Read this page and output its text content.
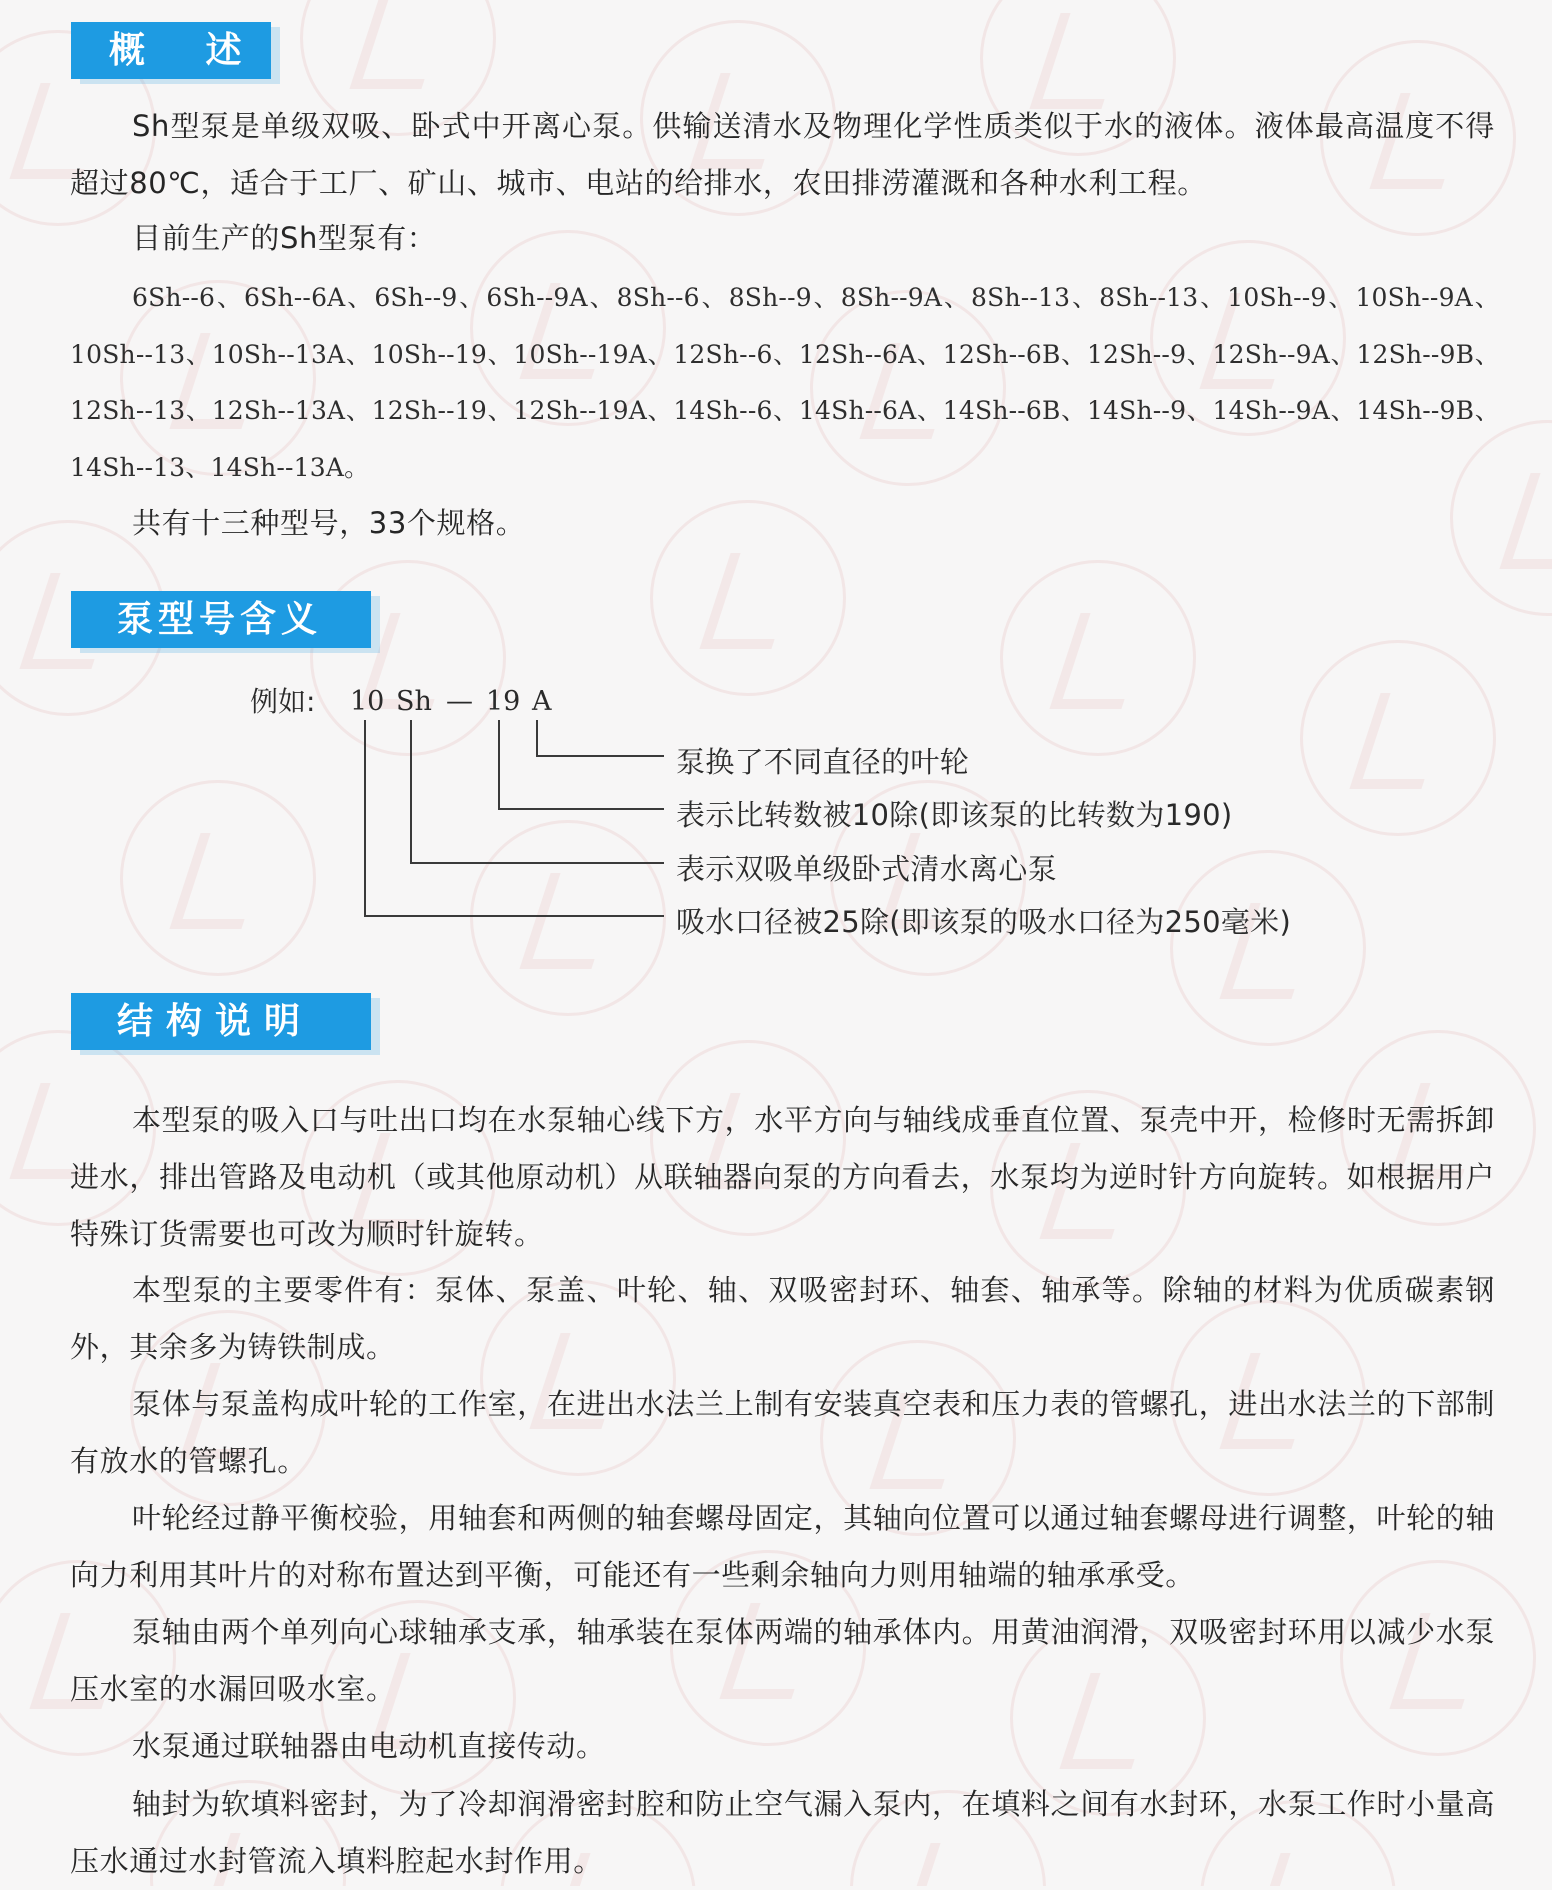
概 述

Sh型泵是单级双吸、卧式中开离心泵。供输送清水及物理化学性质类似于水的液体。液体最高温度不得超过80℃，适合于工厂、矿山、城市、电站的给排水，农田排涝灌溉和各种水利工程。

目前生产的Sh型泵有：

6Sh--6、6Sh--6A、6Sh--9、6Sh--9A、8Sh--6、8Sh--9、8Sh--9A、8Sh--13、8Sh--13、10Sh--9、10Sh--9A、10Sh--13、10Sh--13A、10Sh--19、10Sh--19A、12Sh--6、12Sh--6A、12Sh--6B、12Sh--9、12Sh--9A、12Sh--9B、12Sh--13、12Sh--13A、12Sh--19、12Sh--19A、14Sh--6、14Sh--6A、14Sh--6B、14Sh--9、14Sh--9A、14Sh--9B、14Sh--13、14Sh--13A。

共有十三种型号，33个规格。

泵型号含义
例如: 10 Sh — 19 A
泵换了不同直径的叶轮
表示比转数被10除(即该泵的比转数为190)
表示双吸单级卧式清水离心泵
吸水口径被25除(即该泵的吸水口径为250毫米)
结构说明

本型泵的吸入口与吐出口均在水泵轴心线下方，水平方向与轴线成垂直位置、泵壳中开，检修时无需拆卸进水，排出管路及电动机（或其他原动机）从联轴器向泵的方向看去，水泵均为逆时针方向旋转。如根据用户特殊订货需要也可改为顺时针旋转。

本型泵的主要零件有：泵体、泵盖、叶轮、轴、双吸密封环、轴套、轴承等。除轴的材料为优质碳素钢外，其余多为铸铁制成。

泵体与泵盖构成叶轮的工作室，在进出水法兰上制有安装真空表和压力表的管螺孔，进出水法兰的下部制有放水的管螺孔。

叶轮经过静平衡校验，用轴套和两侧的轴套螺母固定，其轴向位置可以通过轴套螺母进行调整，叶轮的轴向力利用其叶片的对称布置达到平衡，可能还有一些剩余轴向力则用轴端的轴承承受。

泵轴由两个单列向心球轴承支承，轴承装在泵体两端的轴承体内。用黄油润滑，双吸密封环用以减少水泵压水室的水漏回吸水室。

水泵通过联轴器由电动机直接传动。

轴封为软填料密封，为了冷却润滑密封腔和防止空气漏入泵内，在填料之间有水封环，水泵工作时小量高压水通过水封管流入填料腔起水封作用。
